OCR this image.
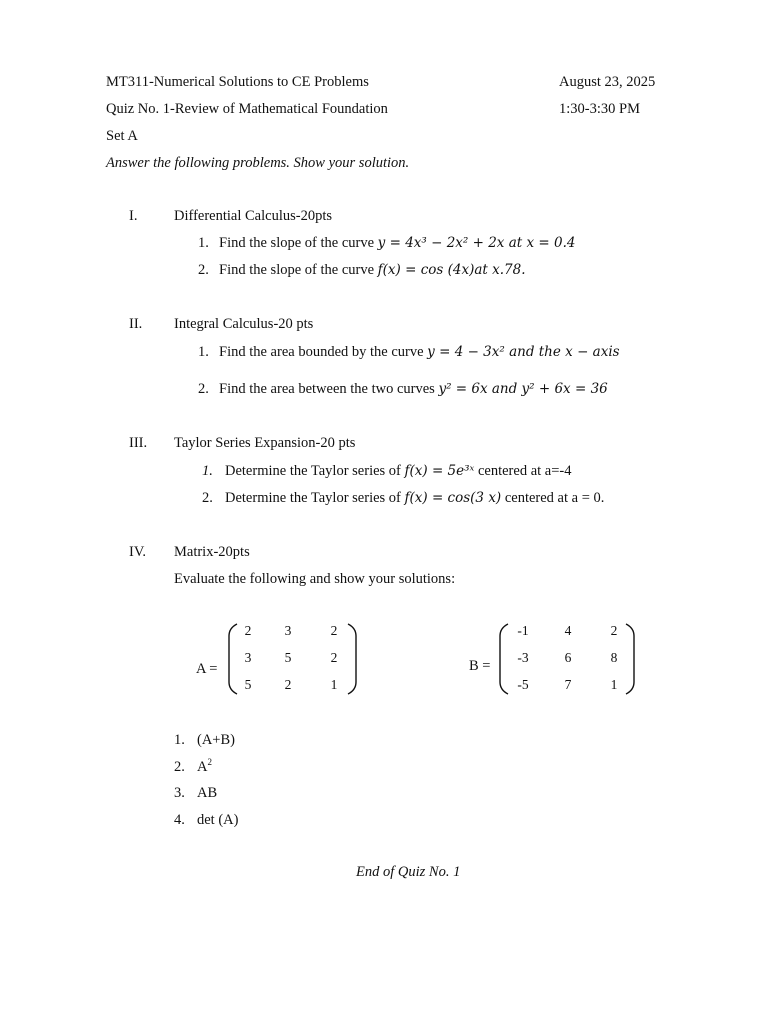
MT311-Numerical Solutions to CE Problems	August 23, 2025
Quiz No. 1-Review of Mathematical Foundation	1:30-3:30 PM
Set A
Answer the following problems. Show your solution.
I.	Differential Calculus-20pts
1. Find the slope of the curve y = 4x³ − 2x² + 2x at x = 0.4
2. Find the slope of the curve f(x) = cos (4x)at x.78.
II. Integral Calculus-20 pts
1. Find the area bounded by the curve y = 4 − 3x² and the x − axis
2. Find the area between the two curves y² = 6x and y² + 6x = 36
III. Taylor Series Expansion-20 pts
1. Determine the Taylor series of f(x) = 5e³ˣ centered at a=-4
2. Determine the Taylor series of f(x) = cos(3 x) centered at a = 0.
IV. Matrix-20pts
Evaluate the following and show your solutions:
A =
2	3	2
3	5	2
5	2	1
B =
-1	4	2
-3	6	8
-5	7	1
1. (A+B)
2. $A^2$
3. AB
4. det (A)
End of Quiz No. 1
